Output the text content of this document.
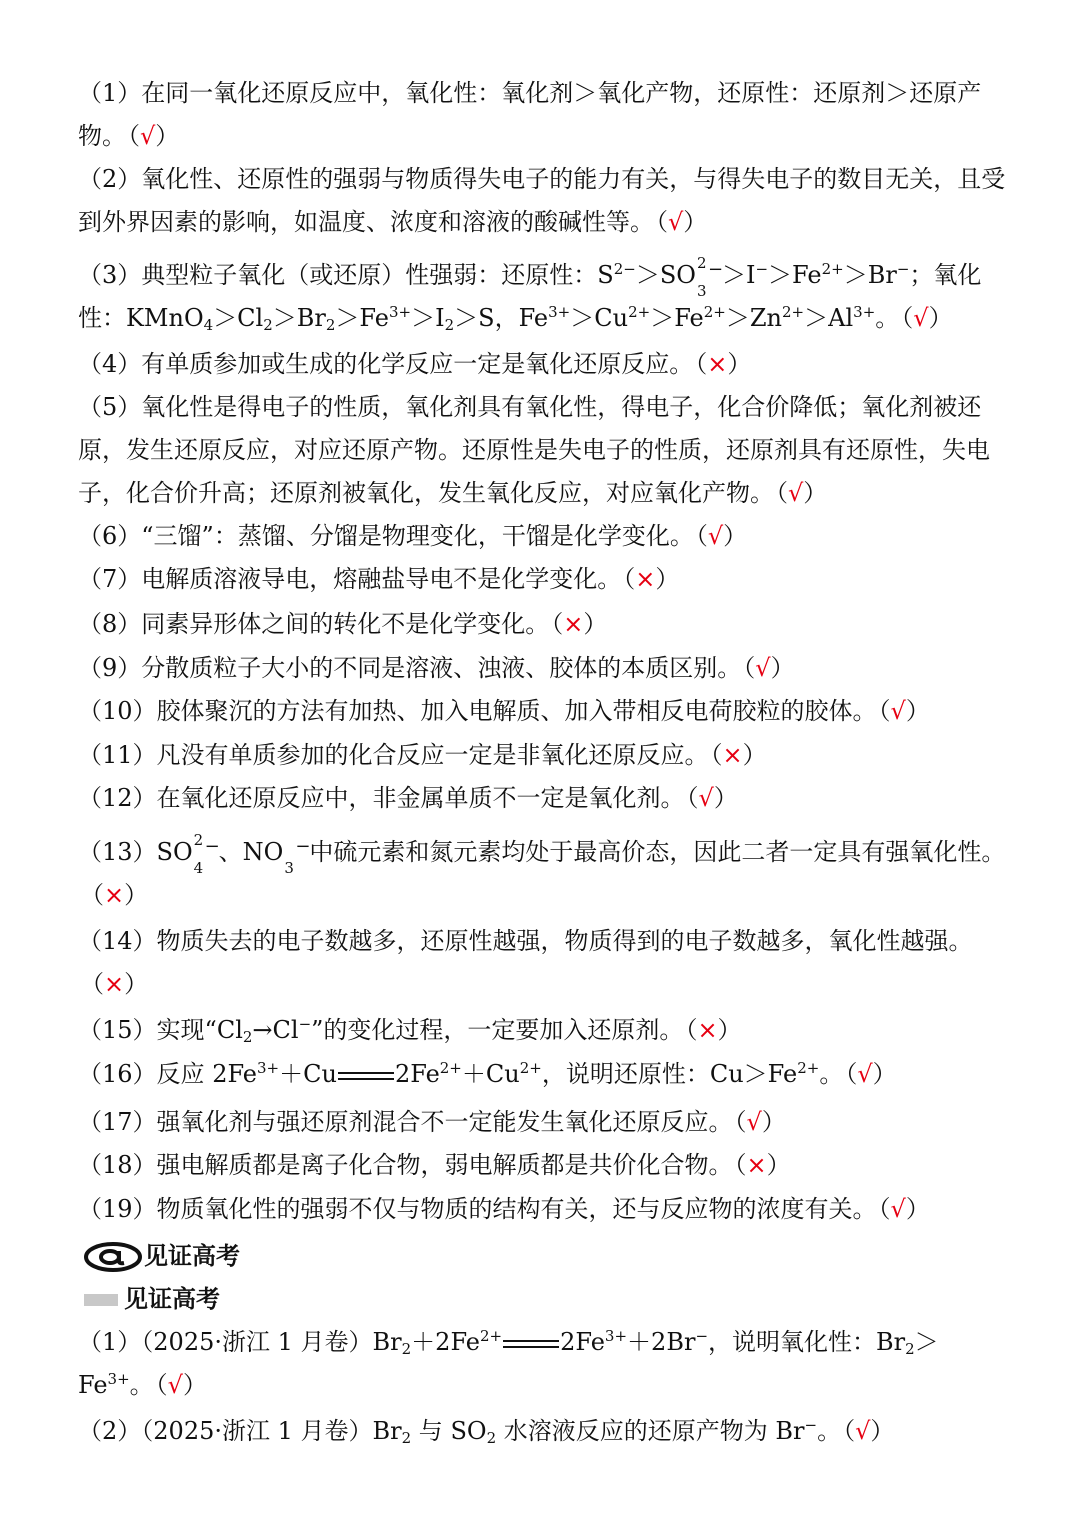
（1）在同一氧化还原反应中，氧化性：氧化剂＞氧化产物，还原性：还原剂＞还原产物。（√）
（2）氧化性、还原性的强弱与物质得失电子的能力有关，与得失电子的数目无关，且受到外界因素的影响，如温度、浓度和溶液的酸碱性等。（√）
（3）典型粒子氧化（或还原）性强弱：还原性：$S^{2-}>SO$ 2 −
3
$>I^->Fe^{2+}>Br^-$；氧化性：$KMnO_4>Cl_2>Br_2>Fe^{3+}>I_2>S$，$Fe^{3+}>Cu^{2+}>Fe^{2+}>Zn^{2+}>Al^{3+}$。（√）
（4）有单质参加或生成的化学反应一定是氧化还原反应。（×）
（5）氧化性是得电子的性质，氧化剂具有氧化性，得电子，化合价降低；氧化剂被还原，发生还原反应，对应还原产物。还原性是失电子的性质，还原剂具有还原性，失电子，化合价升高；还原剂被氧化，发生氧化反应，对应氧化产物。（√）
（6）“三馏”：蒸馏、分馏是物理变化，干馏是化学变化。（√）
（7）电解质溶液导电，熔融盐导电不是化学变化。（×）
（8）同素异形体之间的转化不是化学变化。（×）
（9）分散质粒子大小的不同是溶液、浊液、胶体的本质区别。（√）
（10）胶体聚沉的方法有加热、加入电解质、加入带相反电荷胶粒的胶体。（√）
（11）凡没有单质参加的化合反应一定是非氧化还原反应。（×）
（12）在氧化还原反应中，非金属单质不一定是氧化剂。（√）
（13）SO 2 −
4
、NO
−
3
中硫元素和氮元素均处于最高价态，因此二者一定具有强氧化性。（×）
（14）物质失去的电子数越多，还原性越强，物质得到的电子数越多，氧化性越强。（×）
（15）实现“$Cl_2\to Cl^-$”的变化过程，一定要加入还原剂。（×）
（16）反应 $2Fe^{3+}+Cu$ $2Fe^{2+}+Cu^{2+}$，说明还原性：$Cu>Fe^{2+}$。（√）
（17）强氧化剂与强还原剂混合不一定能发生氧化还原反应。（√）
（18）强电解质都是离子化合物，弱电解质都是共价化合物。（×）
（19）物质氧化性的强弱不仅与物质的结构有关，还与反应物的浓度有关。（√）
见证高考
见证高考
（1）（2025·浙江 1 月卷）$Br_2+2Fe^{2+}$ $2Fe^{3+}+2Br^-$，说明氧化性：$Br_2>Fe^{3+}$。（√）
（2）（2025·浙江 1 月卷）$Br_2$ 与 $SO_2$ 水溶液反应的还原产物为 Br−。（√）
